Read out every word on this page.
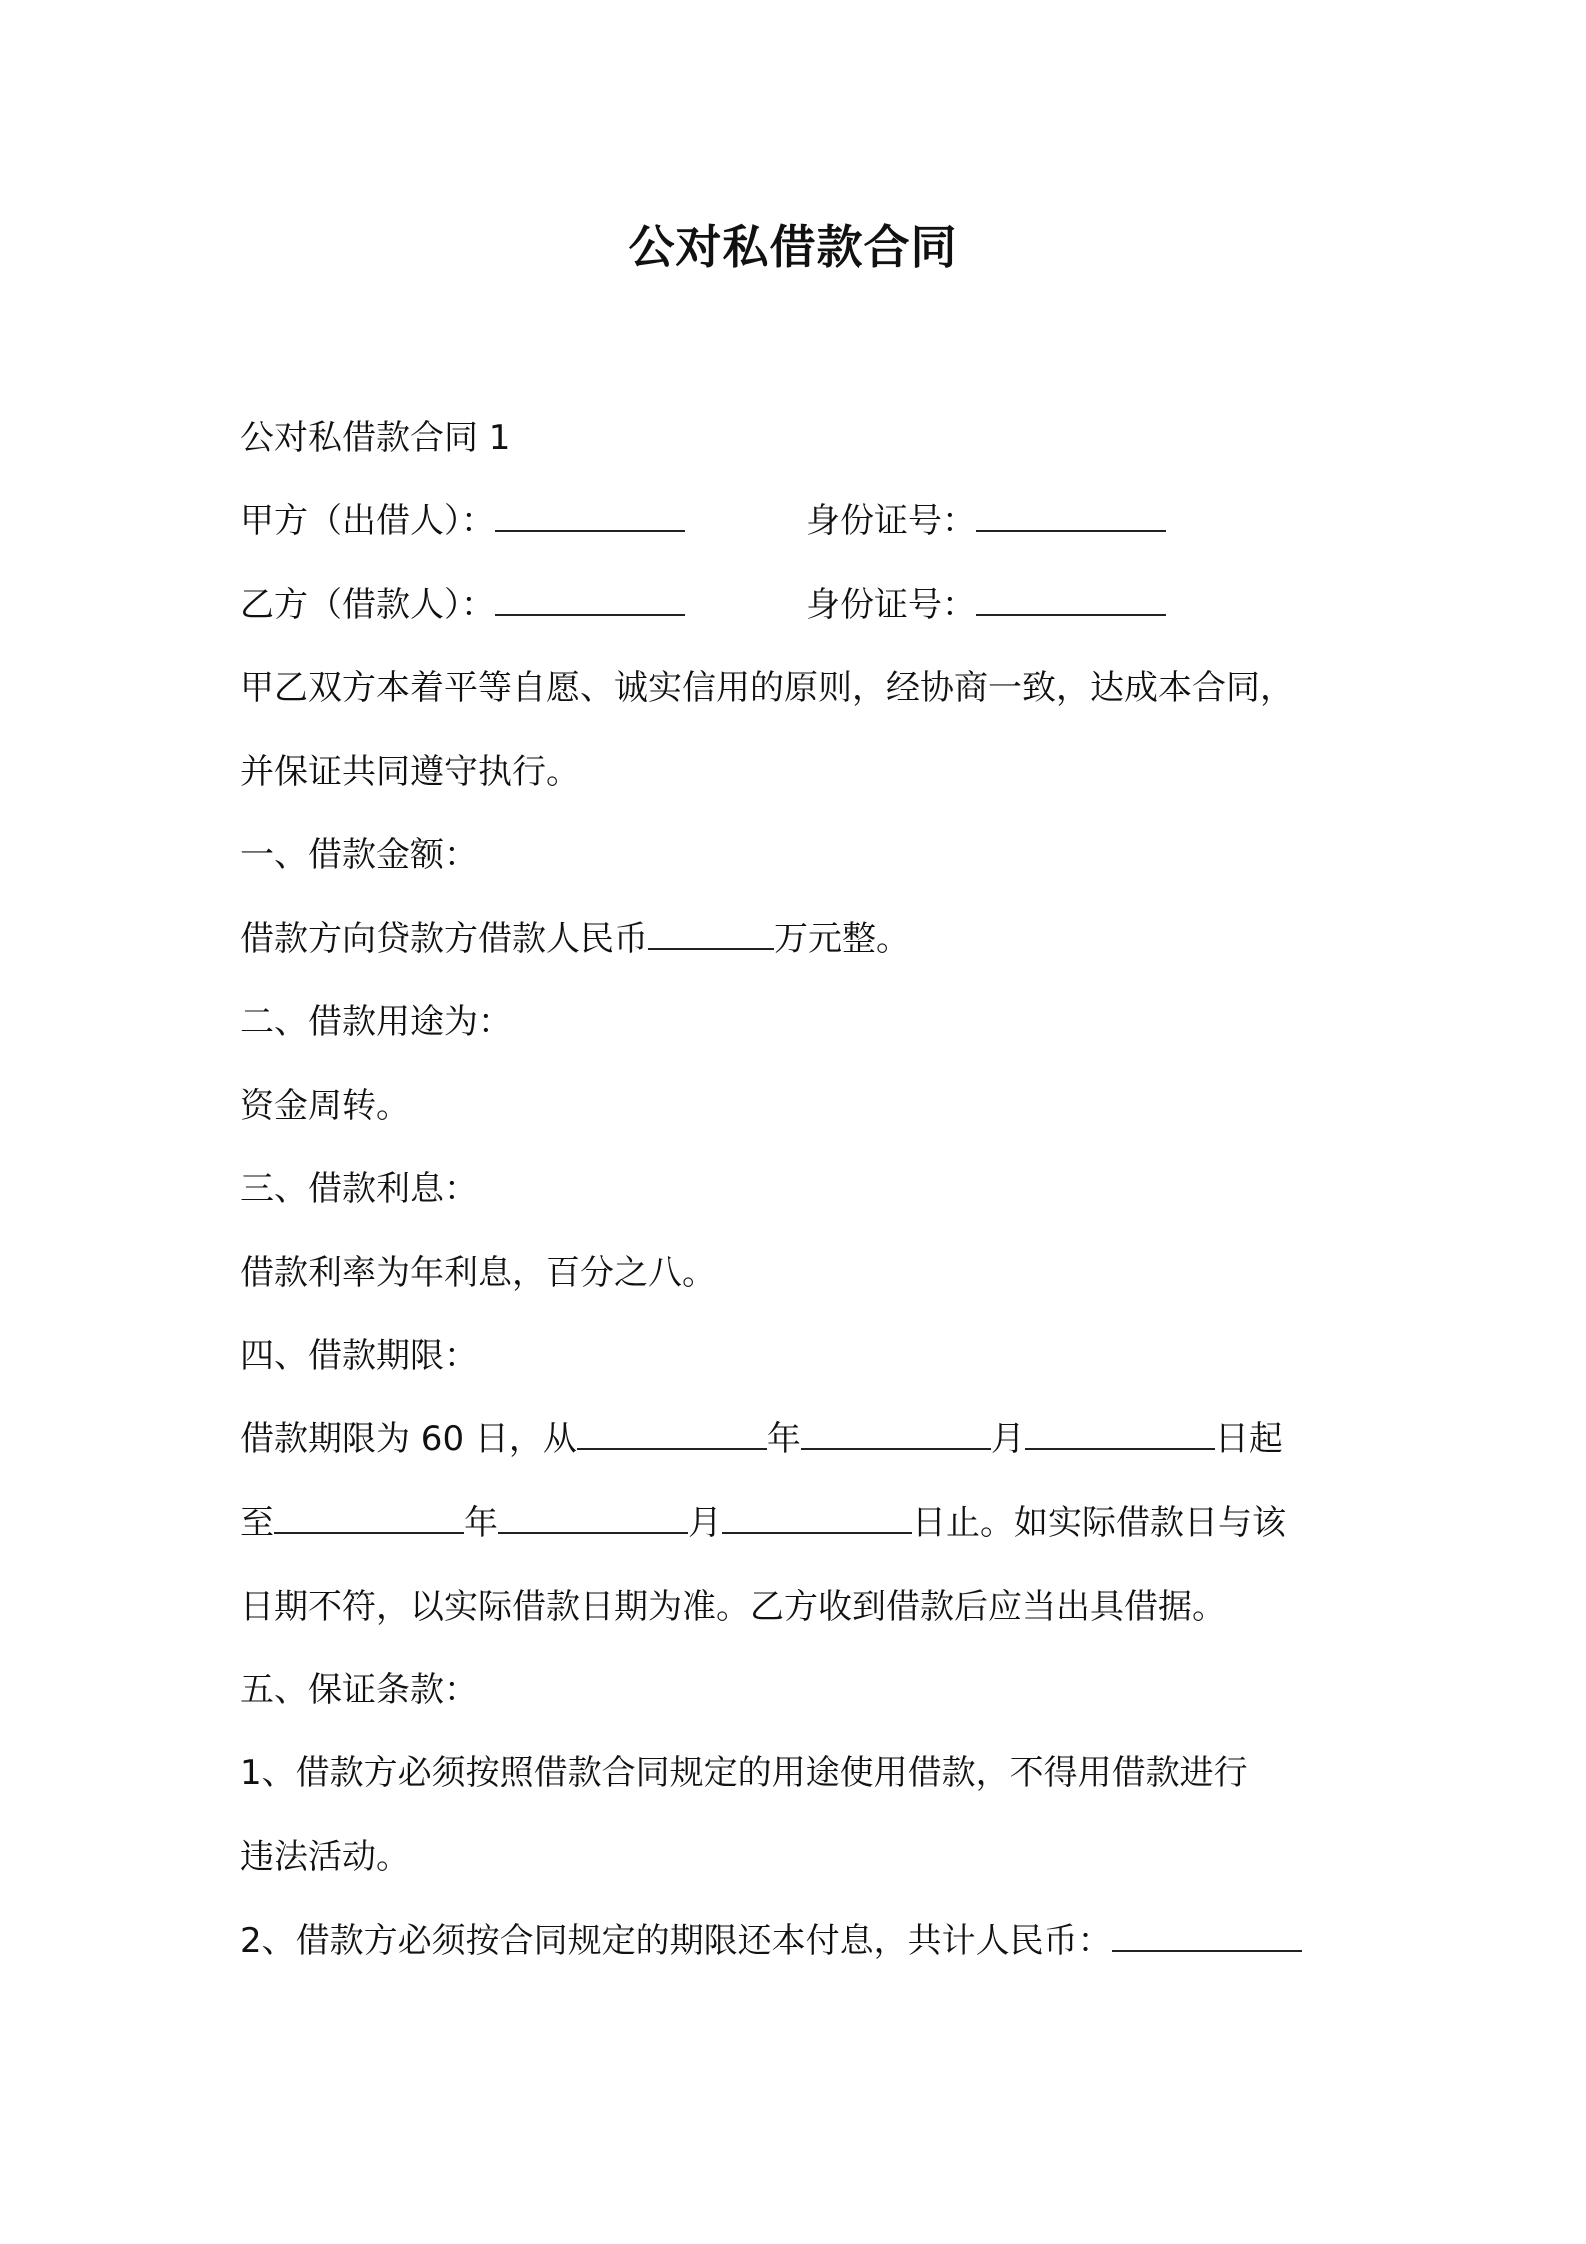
公对私借款合同
公对私借款合同 1
甲方（出借人）：	身份证号：
乙方（借款人）：	身份证号：
甲乙双方本着平等自愿、诚实信用的原则，经协商一致，达成本合同，
并保证共同遵守执行。
一、借款金额：
借款方向贷款方借款人民币	万元整。
二、借款用途为：
资金周转。
三、借款利息：
借款利率为年利息，百分之八。
四、借款期限：
借款期限为 60 日，从	年	月	日起
至	年	月	日止。如实际借款日与该
日期不符，以实际借款日期为准。乙方收到借款后应当出具借据。
五、保证条款：
1、借款方必须按照借款合同规定的用途使用借款，不得用借款进行
违法活动。
2、借款方必须按合同规定的期限还本付息，共计人民币：
